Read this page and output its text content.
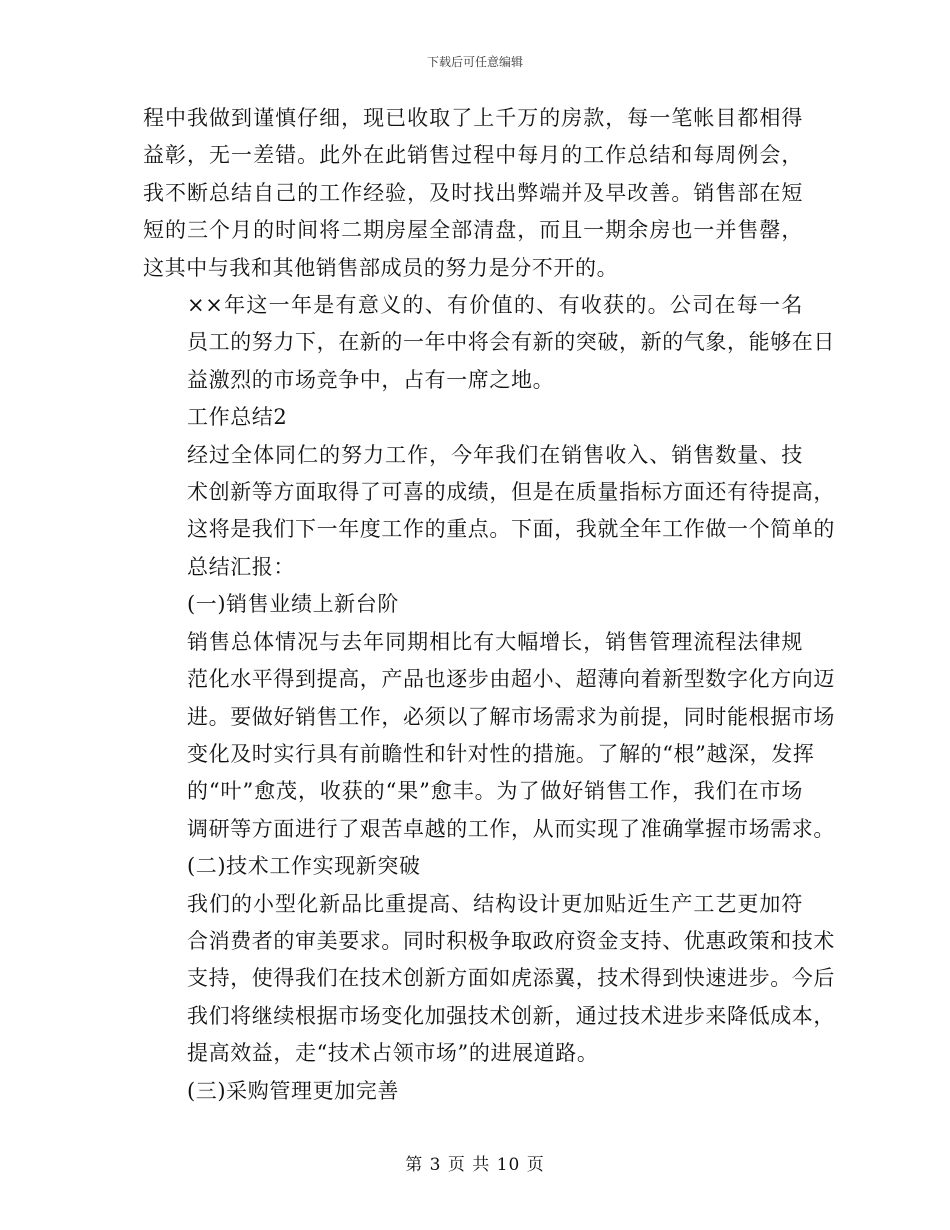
下载后可任意编辑

程中我做到谨慎仔细，现已收取了上千万的房款，每一笔帐目都相得
益彰，无一差错。此外在此销售过程中每月的工作总结和每周例会，
我不断总结自己的工作经验，及时找出弊端并及早改善。销售部在短
短的三个月的时间将二期房屋全部清盘，而且一期余房也一并售罄，
这其中与我和其他销售部成员的努力是分不开的。

××年这一年是有意义的、有价值的、有收获的。公司在每一名
员工的努力下，在新的一年中将会有新的突破，新的气象，能够在日
益激烈的市场竞争中，占有一席之地。

工作总结2

经过全体同仁的努力工作，今年我们在销售收入、销售数量、技
术创新等方面取得了可喜的成绩，但是在质量指标方面还有待提高，
这将是我们下一年度工作的重点。下面，我就全年工作做一个简单的
总结汇报：

(一)销售业绩上新台阶

销售总体情况与去年同期相比有大幅增长，销售管理流程法律规
范化水平得到提高，产品也逐步由超小、超薄向着新型数字化方向迈
进。要做好销售工作，必须以了解市场需求为前提，同时能根据市场
变化及时实行具有前瞻性和针对性的措施。了解的“根”越深，发挥
的“叶”愈茂，收获的“果”愈丰。为了做好销售工作，我们在市场
调研等方面进行了艰苦卓越的工作，从而实现了准确掌握市场需求。

(二)技术工作实现新突破

我们的小型化新品比重提高、结构设计更加贴近生产工艺更加符
合消费者的审美要求。同时积极争取政府资金支持、优惠政策和技术
支持，使得我们在技术创新方面如虎添翼，技术得到快速进步。今后
我们将继续根据市场变化加强技术创新，通过技术进步来降低成本，
提高效益，走“技术占领市场”的进展道路。

(三)采购管理更加完善

第 3 页 共 10 页
